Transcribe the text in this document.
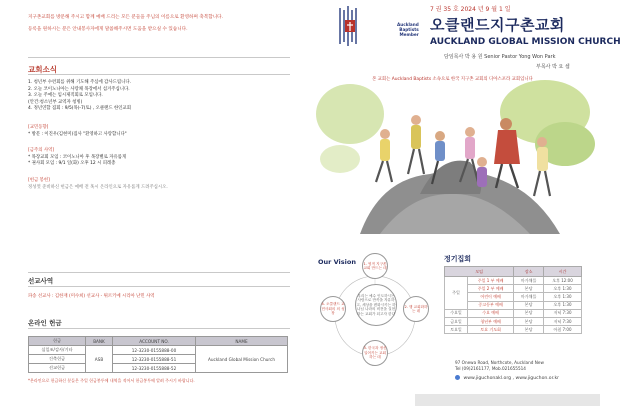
지구촌교회를 방문해 주시고 함께 예배 드리는 모든 분들을 주님의 이름으로 환영하며 축복합니다.
등록을 원하시는 분은 안내봉사자에게 말씀해주시면 도움을 받으실 수 있습니다.
교회소식
1. 청년부 수련회를 위해 기도해 주심에 감사드립니다.
2. 오늘 코이노니아는 사랑채 목장에서 섬겨주십니다.
3. 오늘 주예는 임시제직회로 모입니다.
(안건:청소년부 교역자 청빙)
4. 정년연합 집회 : 9/5(목)-7(토) , 오클랜드 한인교회
[교민동향]
* 방문 : 이진우(김현미)집사 "환영하고 사랑합니다"
[금주의 사역]
* 목장교회 모임 : 코이노니아 후 목장별로 자유롭게
* 권사회 모임 : 9/1 일(화) 오후 12 시 피레총
[헌금 봉헌]
정성껏 준비하신 헌금은 예배 전 혹시 온라인으로 자유롭게 드려주십시오.
선교사역
파송 선교사 : 김한재 (미수희) 선교사 - 튀르키예 시리아 난민 사역
온라인 헌금
헌금	BANK	ACCOUNT NO.	NAME
십일조/감사/기타	ASB	12-3230-0155888-00	Auckland Global Mission Church
건축헌금		12-3230-0155888-51	
선교헌금		12-3230-0155888-52	
*온라인으로 헌금하신 분들은 주일 헌금봉투에 내역을 적어서 헌금봉투에 알려 주시기 바랍니다.
7 권 35 호 2024 년 9 월 1 일
Auckland
Baptists
Member
오클랜드지구촌교회
AUCKLAND GLOBAL MISSION CHURCH
담임목사 박 용 원 Senior Pastor Yong Won Park
부목사 박 요 셉
본 교회는 Auckland Baptists 소속으로 한국 지구촌 교회의 디아스포라 교회입니다
Our Vision
우리는 예수 인도하시는 사람으로 만족을 자유하고, 세상을 변화시키는 하나님 나라의 비전을 실현하는 교회가 되고자 한다
1. 영적 지구촌교회 만드는 데
2. 행 교회화하는 데
3. 한국과 정신 일어키는 교회 하는 데
4. 오클랜드 교민사회의 의 성장
정기집회
모임		장소	시간
주일	주일 1 부 예배	마가채플	오후 12:00
	주일 2 부 예배	본당	오후 1:30
	어린이 예배	마가채플	오후 1:30
	중고등부 예배	본당	오후 1:30
수요일	수요 예배	본당	저녁 7:30
금요일	청년부 예배	본당	저녁 7:30
토요일	토요 기도회	본당	아침 7:00
97 Onewa Road, Northcote, Auckland New
Tel (09)2161177, Mob.021655514
www.jiguchonakl.org , www.jiguchon.or.kr
